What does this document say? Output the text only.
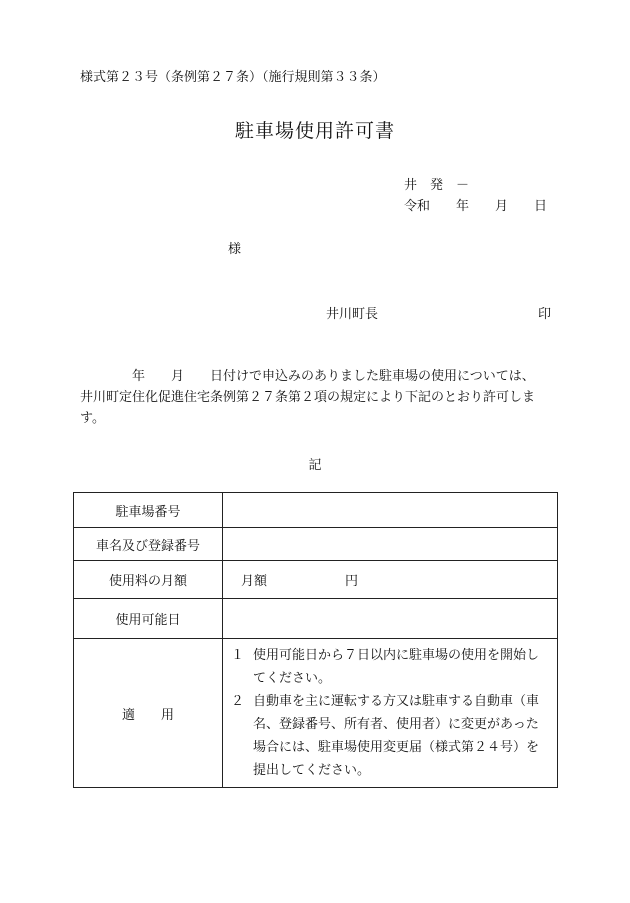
様式第２３号（条例第２７条）（施行規則第３３条）
駐車場使用許可書
井　発　－
令和　　年　　月　　日
様
井川町長	印
　　　　年　　月　　日付けで申込みのありました駐車場の使用については、
井川町定住化促進住宅条例第２７条第２項の規定により下記のとおり許可しま
す。
記
駐車場番号	
車名及び登録番号	
使用料の月額	月額　　　　　　円
使用可能日	
適　　用	１ 使用可能日から７日以内に駐車場の使用を開始してください。
２ 自動車を主に運転する方又は駐車する自動車（車名、登録番号、所有者、使用者）に変更があった場合には、駐車場使用変更届（様式第２４号）を提出してください。
